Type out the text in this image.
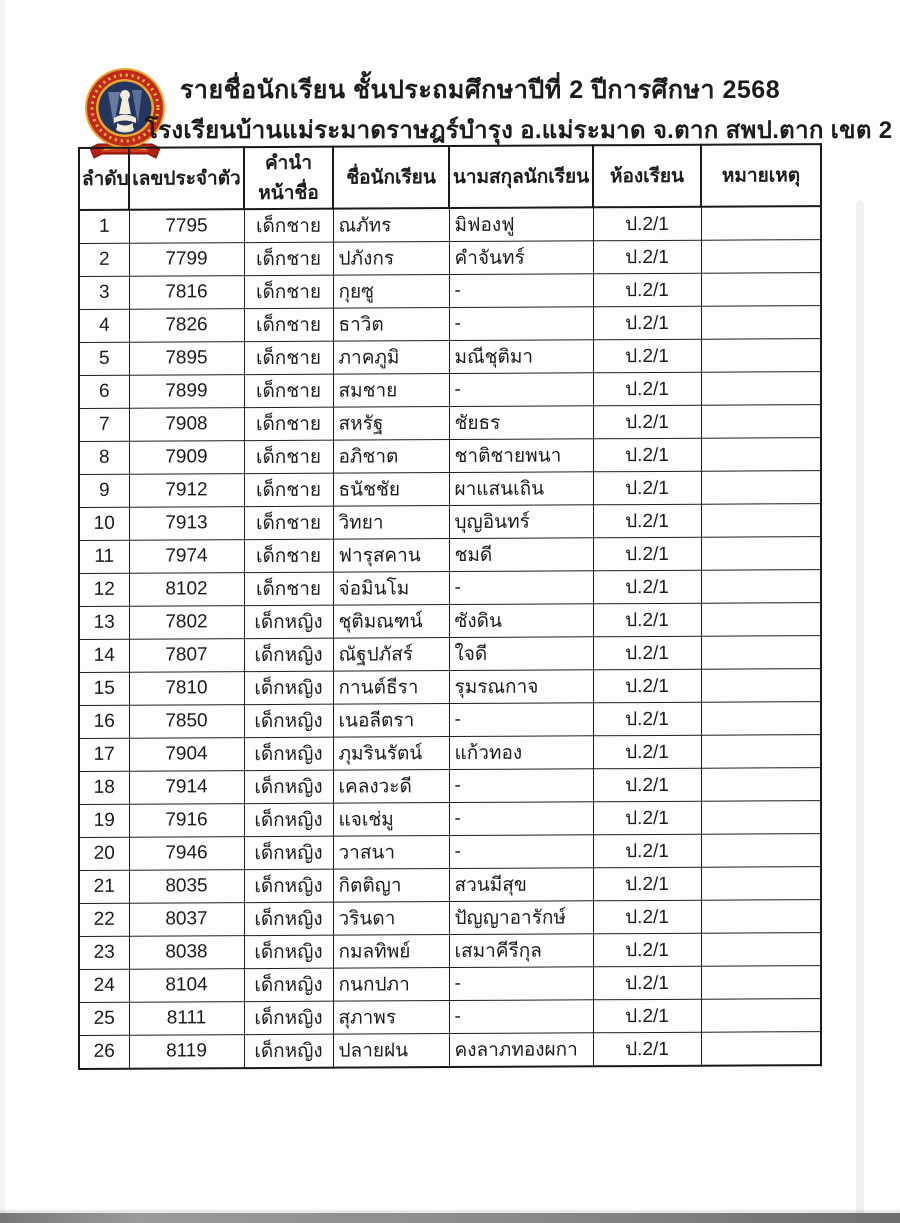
รายชื่อนักเรียน ชั้นประถมศึกษาปีที่ 2 ปีการศึกษา 2568
โรงเรียนบ้านแม่ระมาดราษฎร์บำรุง อ.แม่ระมาด จ.ตาก สพป.ตาก เขต 2
ลำดับ	เลขประจำตัว	คำนำหน้าชื่อ	ชื่อนักเรียน	นามสกุลนักเรียน	ห้องเรียน	หมายเหตุ
1	7795	เด็กชาย	ณภัทร	มิฟองฟู	ป.2/1	
2	7799	เด็กชาย	ปภังกร	คำจันทร์	ป.2/1	
3	7816	เด็กชาย	กุยซู	-	ป.2/1	
4	7826	เด็กชาย	ธาวิต	-	ป.2/1	
5	7895	เด็กชาย	ภาคภูมิ	มณีชุติมา	ป.2/1	
6	7899	เด็กชาย	สมชาย	-	ป.2/1	
7	7908	เด็กชาย	สหรัฐ	ชัยธร	ป.2/1	
8	7909	เด็กชาย	อภิชาต	ชาติชายพนา	ป.2/1	
9	7912	เด็กชาย	ธนัชชัย	ผาแสนเถิน	ป.2/1	
10	7913	เด็กชาย	วิทยา	บุญอินทร์	ป.2/1	
11	7974	เด็กชาย	ฟารุสคาน	ชมดี	ป.2/1	
12	8102	เด็กชาย	จ่อมินโม	-	ป.2/1	
13	7802	เด็กหญิง	ชุติมณฑน์	ซังดิน	ป.2/1	
14	7807	เด็กหญิง	ณัฐปภัสร์	ใจดี	ป.2/1	
15	7810	เด็กหญิง	กานต์ธีรา	รุมรณกาจ	ป.2/1	
16	7850	เด็กหญิง	เนอลีตรา	-	ป.2/1	
17	7904	เด็กหญิง	ภุมรินรัตน์	แก้วทอง	ป.2/1	
18	7914	เด็กหญิง	เคลงวะดี	-	ป.2/1	
19	7916	เด็กหญิง	แจเช่มู	-	ป.2/1	
20	7946	เด็กหญิง	วาสนา	-	ป.2/1	
21	8035	เด็กหญิง	กิตติญา	สวนมีสุข	ป.2/1	
22	8037	เด็กหญิง	วรินดา	ปัญญาอารักษ์	ป.2/1	
23	8038	เด็กหญิง	กมลทิพย์	เสมาคีรีกุล	ป.2/1	
24	8104	เด็กหญิง	กนกปภา	-	ป.2/1	
25	8111	เด็กหญิง	สุภาพร	-	ป.2/1	
26	8119	เด็กหญิง	ปลายฝน	คงลาภทองผกา	ป.2/1	
